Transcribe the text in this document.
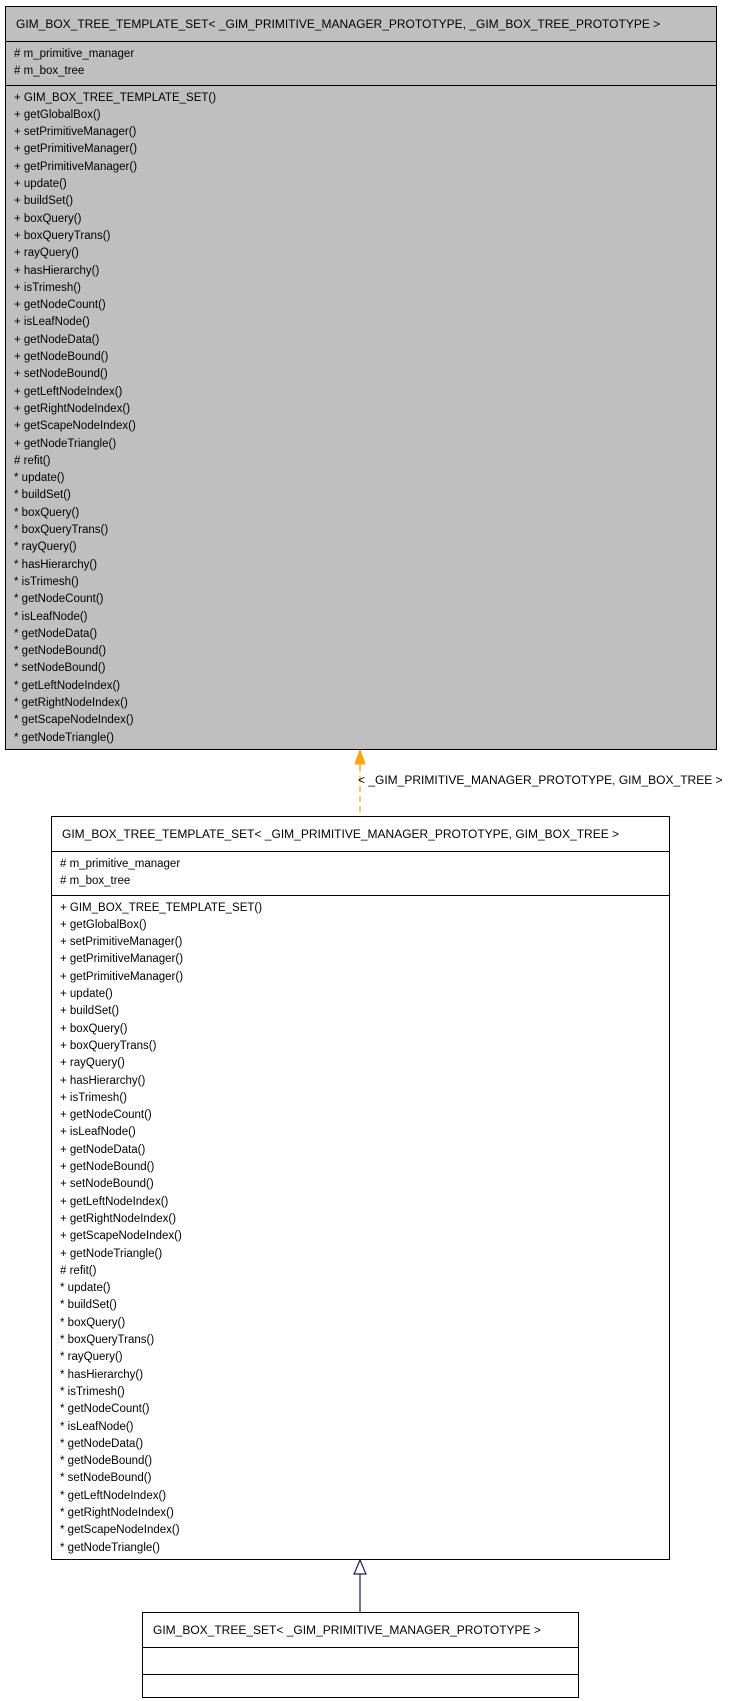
GIM_BOX_TREE_TEMPLATE_SET< _GIM_PRIMITIVE_MANAGER_PROTOTYPE, _GIM_BOX_TREE_PROTOTYPE >
# m_primitive_manager
# m_box_tree
+ GIM_BOX_TREE_TEMPLATE_SET()
+ getGlobalBox()
+ setPrimitiveManager()
+ getPrimitiveManager()
+ getPrimitiveManager()
+ update()
+ buildSet()
+ boxQuery()
+ boxQueryTrans()
+ rayQuery()
+ hasHierarchy()
+ isTrimesh()
+ getNodeCount()
+ isLeafNode()
+ getNodeData()
+ getNodeBound()
+ setNodeBound()
+ getLeftNodeIndex()
+ getRightNodeIndex()
+ getScapeNodeIndex()
+ getNodeTriangle()
# refit()
* update()
* buildSet()
* boxQuery()
* boxQueryTrans()
* rayQuery()
* hasHierarchy()
* isTrimesh()
* getNodeCount()
* isLeafNode()
* getNodeData()
* getNodeBound()
* setNodeBound()
* getLeftNodeIndex()
* getRightNodeIndex()
* getScapeNodeIndex()
* getNodeTriangle()
< _GIM_PRIMITIVE_MANAGER_PROTOTYPE, GIM_BOX_TREE >
GIM_BOX_TREE_TEMPLATE_SET< _GIM_PRIMITIVE_MANAGER_PROTOTYPE, GIM_BOX_TREE >
# m_primitive_manager
# m_box_tree
+ GIM_BOX_TREE_TEMPLATE_SET()
+ getGlobalBox()
+ setPrimitiveManager()
+ getPrimitiveManager()
+ getPrimitiveManager()
+ update()
+ buildSet()
+ boxQuery()
+ boxQueryTrans()
+ rayQuery()
+ hasHierarchy()
+ isTrimesh()
+ getNodeCount()
+ isLeafNode()
+ getNodeData()
+ getNodeBound()
+ setNodeBound()
+ getLeftNodeIndex()
+ getRightNodeIndex()
+ getScapeNodeIndex()
+ getNodeTriangle()
# refit()
* update()
* buildSet()
* boxQuery()
* boxQueryTrans()
* rayQuery()
* hasHierarchy()
* isTrimesh()
* getNodeCount()
* isLeafNode()
* getNodeData()
* getNodeBound()
* setNodeBound()
* getLeftNodeIndex()
* getRightNodeIndex()
* getScapeNodeIndex()
* getNodeTriangle()
GIM_BOX_TREE_SET< _GIM_PRIMITIVE_MANAGER_PROTOTYPE >
